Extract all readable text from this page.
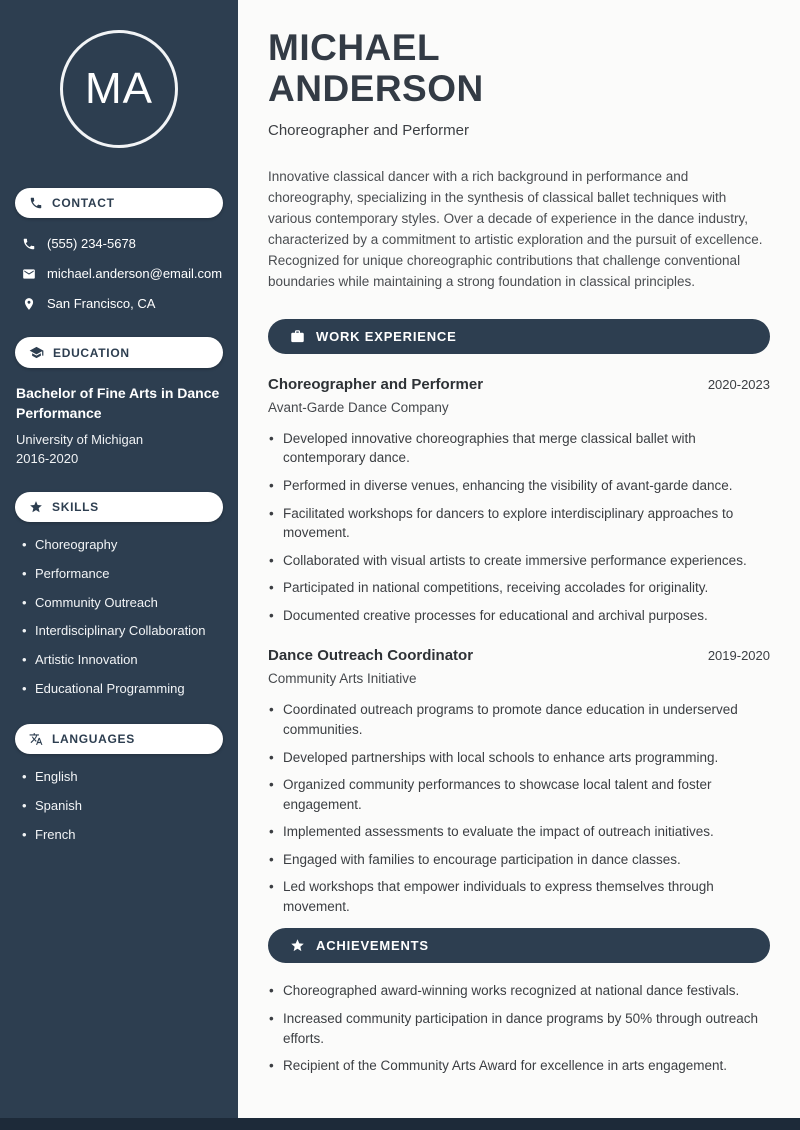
MA
CONTACT
(555) 234-5678
michael.anderson@email.com
San Francisco, CA
EDUCATION
Bachelor of Fine Arts in Dance Performance
University of Michigan
2016-2020
SKILLS
• Choreography
• Performance
• Community Outreach
• Interdisciplinary Collaboration
• Artistic Innovation
• Educational Programming
LANGUAGES
• English
• Spanish
• French
MICHAEL
ANDERSON
Choreographer and Performer

Innovative classical dancer with a rich background in performance and choreography, specializing in the synthesis of classical ballet techniques with various contemporary styles. Over a decade of experience in the dance industry, characterized by a commitment to artistic exploration and the pursuit of excellence. Recognized for unique choreographic contributions that challenge conventional boundaries while maintaining a strong foundation in classical principles.

WORK EXPERIENCE
Choreographer and Performer	2020-2023
Avant-Garde Dance Company
• Developed innovative choreographies that merge classical ballet with contemporary dance.
• Performed in diverse venues, enhancing the visibility of avant-garde dance.
• Facilitated workshops for dancers to explore interdisciplinary approaches to movement.
• Collaborated with visual artists to create immersive performance experiences.
• Participated in national competitions, receiving accolades for originality.
• Documented creative processes for educational and archival purposes.
Dance Outreach Coordinator	2019-2020
Community Arts Initiative
• Coordinated outreach programs to promote dance education in underserved communities.
• Developed partnerships with local schools to enhance arts programming.
• Organized community performances to showcase local talent and foster engagement.
• Implemented assessments to evaluate the impact of outreach initiatives.
• Engaged with families to encourage participation in dance classes.
• Led workshops that empower individuals to express themselves through movement.
ACHIEVEMENTS
• Choreographed award-winning works recognized at national dance festivals.
• Increased community participation in dance programs by 50% through outreach efforts.
• Recipient of the Community Arts Award for excellence in arts engagement.
